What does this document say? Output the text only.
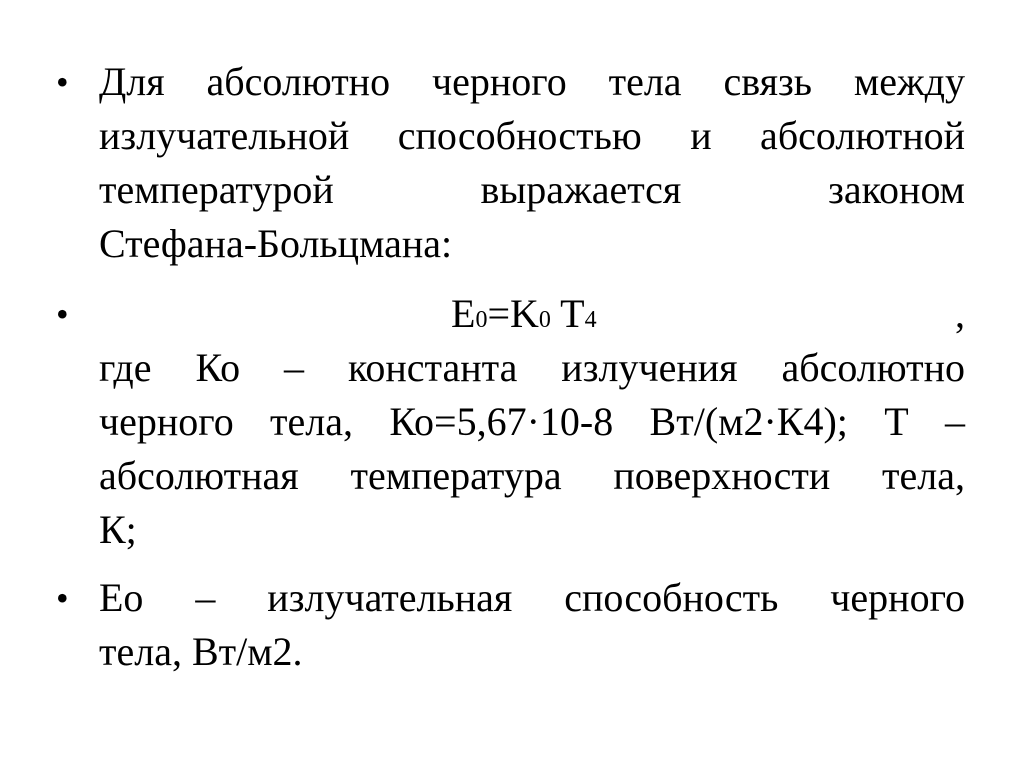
• Для абсолютно черного тела связь между
излучательной способностью и абсолютной
температурой	выражается	законом
Стефана-Больцмана:
•	E0=K0 T4	,
где Ко – константа излучения абсолютно
черного тела, Ко=5,67·10-8 Вт/(м2·К4); Т –
абсолютная температура поверхности тела,
К;
• Ео – излучательная способность черного
тела, Вт/м2.
